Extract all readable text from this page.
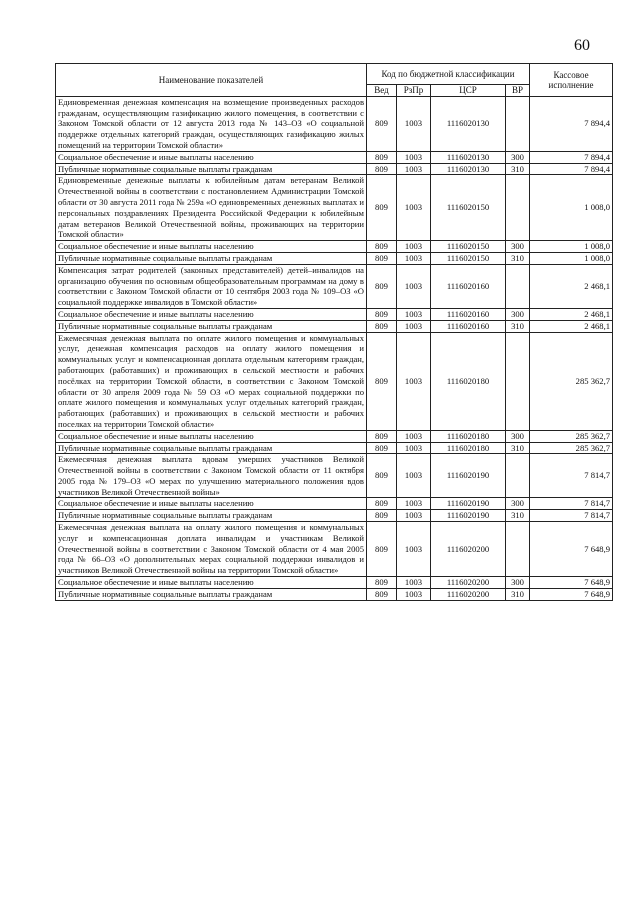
60
Наименование показателей	Код по бюджетной классификации				Кассовое исполнение
	Вед	РзПр	ЦСР	ВР	
Единовременная денежная компенсация на возмещение произведенных расходов гражданам, осуществляющим газификацию жилого помещения, в соответствии с Законом Томской области от 12 августа 2013 года № 143–ОЗ «О социальной поддержке отдельных категорий граждан, осуществляющих газификацию жилых помещений на территории Томской области»	809	1003	1116020130		7 894,4
Социальное обеспечение и иные выплаты населению	809	1003	1116020130	300	7 894,4
Публичные нормативные социальные выплаты гражданам	809	1003	1116020130	310	7 894,4
Единовременные денежные выплаты к юбилейным датам ветеранам Великой Отечественной войны в соответствии с постановлением Администрации Томской области от 30 августа 2011 года № 259а «О единовременных денежных выплатах и персональных поздравлениях Президента Российской Федерации к юбилейным датам ветеранов Великой Отечественной войны, проживающих на территории Томской области»	809	1003	1116020150		1 008,0
Социальное обеспечение и иные выплаты населению	809	1003	1116020150	300	1 008,0
Публичные нормативные социальные выплаты гражданам	809	1003	1116020150	310	1 008,0
Компенсация затрат родителей (законных представителей) детей–инвалидов на организацию обучения по основным общеобразовательным программам на дому в соответствии с Законом Томской области от 10 сентября 2003 года № 109–ОЗ «О социальной поддержке инвалидов в Томской области»	809	1003	1116020160		2 468,1
Социальное обеспечение и иные выплаты населению	809	1003	1116020160	300	2 468,1
Публичные нормативные социальные выплаты гражданам	809	1003	1116020160	310	2 468,1
Ежемесячная денежная выплата по оплате жилого помещения и коммунальных услуг, денежная компенсация расходов на оплату жилого помещения и коммунальных услуг и компенсационная доплата отдельным категориям граждан, работающих (работавших) и проживающих в сельской местности и рабочих посёлках на территории Томской области, в соответствии с Законом Томской области от 30 апреля 2009 года № 59 ОЗ «О мерах социальной поддержки по оплате жилого помещения и коммунальных услуг отдельных категорий граждан, работающих (работавших) и проживающих в сельской местности и рабочих поселках на территории Томской области»	809	1003	1116020180		285 362,7
Социальное обеспечение и иные выплаты населению	809	1003	1116020180	300	285 362,7
Публичные нормативные социальные выплаты гражданам	809	1003	1116020180	310	285 362,7
Ежемесячная денежная выплата вдовам умерших участников Великой Отечественной войны в соответствии с Законом Томской области от 11 октября 2005 года № 179–ОЗ «О мерах по улучшению материального положения вдов участников Великой Отечественной войны»	809	1003	1116020190		7 814,7
Социальное обеспечение и иные выплаты населению	809	1003	1116020190	300	7 814,7
Публичные нормативные социальные выплаты гражданам	809	1003	1116020190	310	7 814,7
Ежемесячная денежная выплата на оплату жилого помещения и коммунальных услуг и компенсационная доплата инвалидам и участникам Великой Отечественной войны в соответствии с Законом Томской области от 4 мая 2005 года № 66–ОЗ «О дополнительных мерах социальной поддержки инвалидов и участников Великой Отечественной войны на территории Томской области»	809	1003	1116020200		7 648,9
Социальное обеспечение и иные выплаты населению	809	1003	1116020200	300	7 648,9
Публичные нормативные социальные выплаты гражданам	809	1003	1116020200	310	7 648,9
